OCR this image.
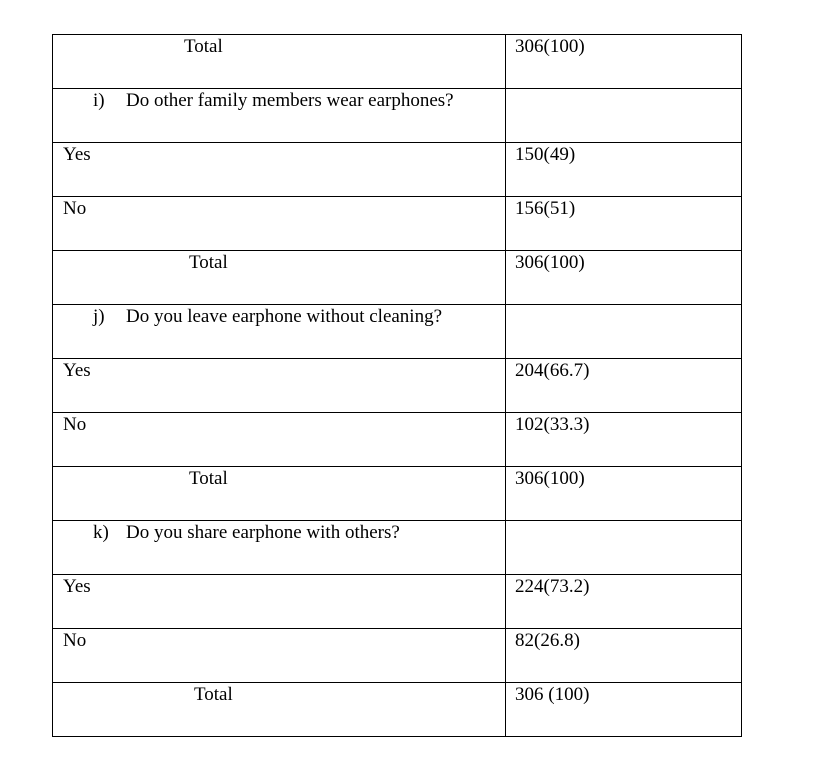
Total	306(100)

i) Do other family members wear earphones?	

Yes	150(49)

No	156(51)

Total	306(100)

j) Do you leave earphone without cleaning?	

Yes	204(66.7)

No	102(33.3)

Total	306(100)

k) Do you share earphone with others?	

Yes	224(73.2)

No	82(26.8)

Total	306 (100)
